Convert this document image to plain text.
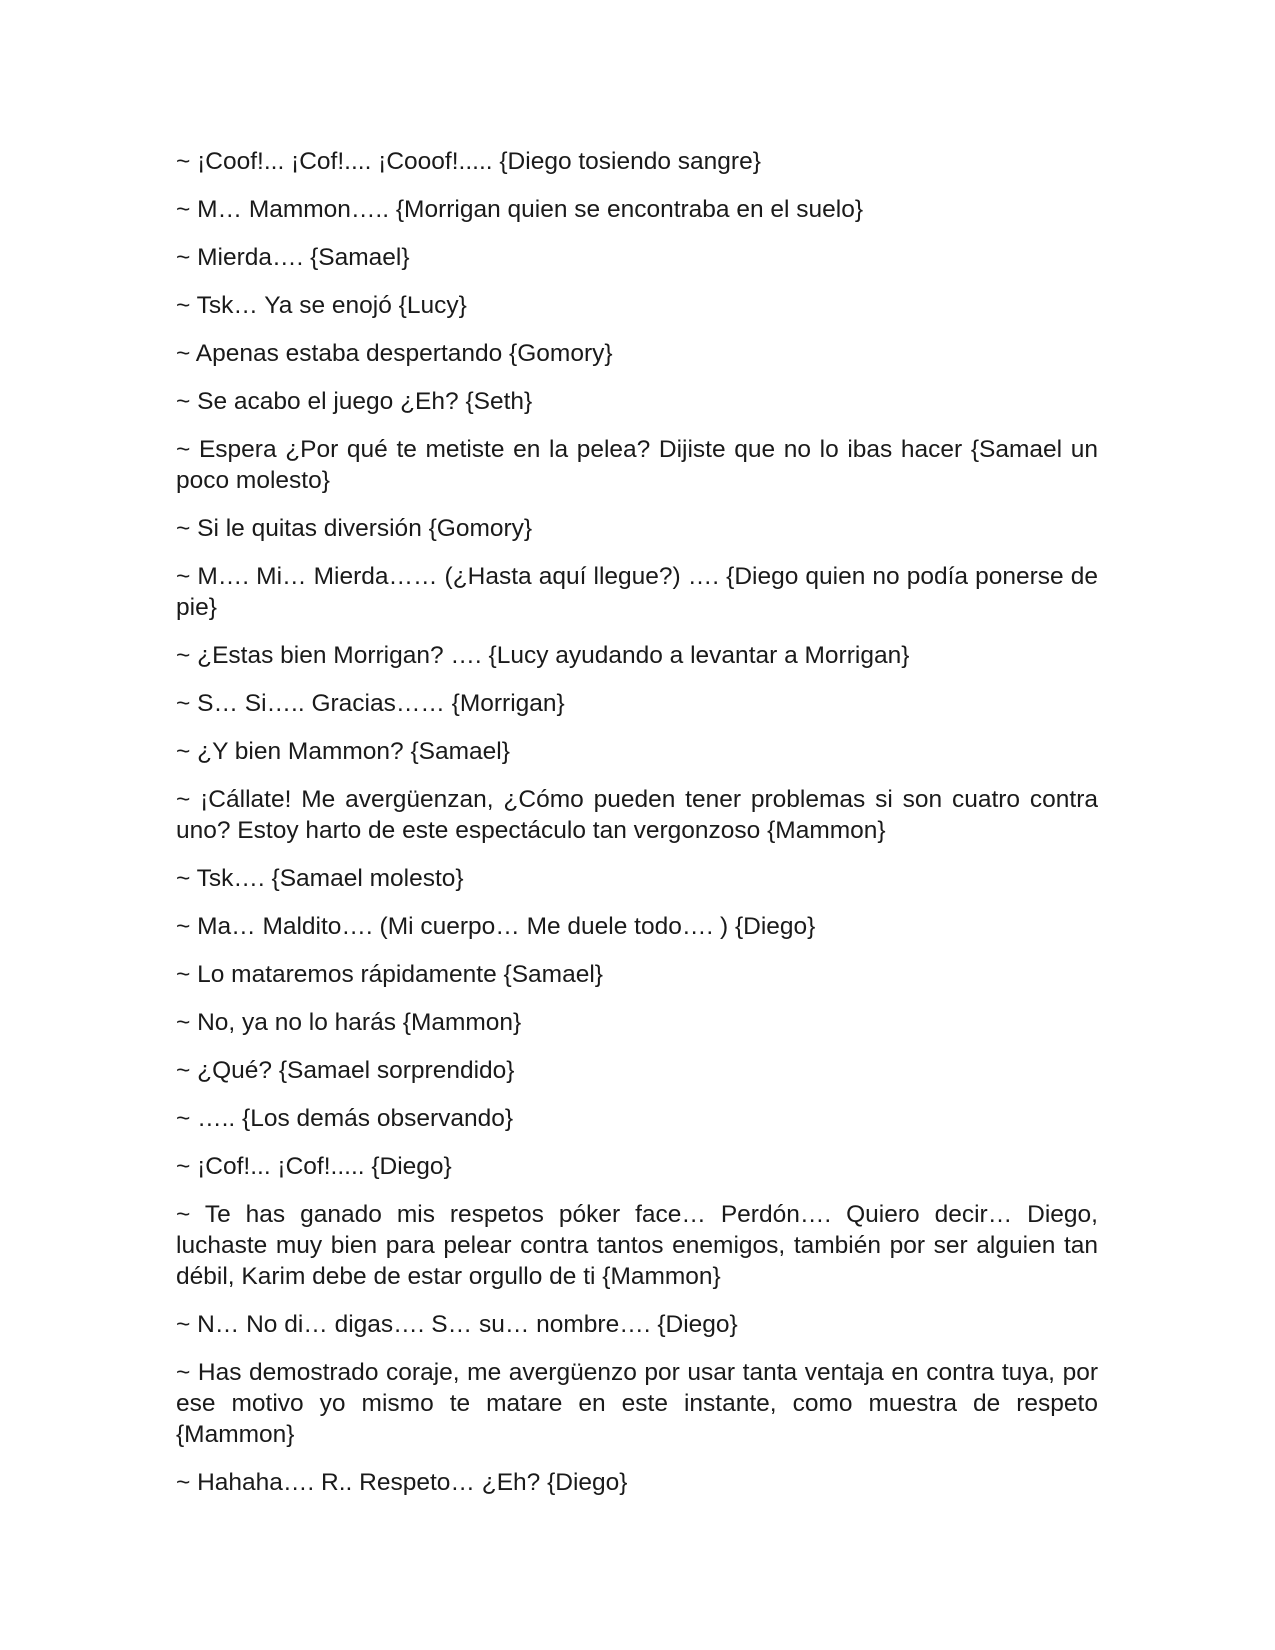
~ ¡Coof!... ¡Cof!.... ¡Cooof!..... {Diego tosiendo sangre}

~ M… Mammon….. {Morrigan quien se encontraba en el suelo}

~ Mierda…. {Samael}

~ Tsk… Ya se enojó {Lucy}

~ Apenas estaba despertando {Gomory}

~ Se acabo el juego ¿Eh? {Seth}

~ Espera ¿Por qué te metiste en la pelea? Dijiste que no lo ibas hacer {Samael un poco molesto}

~ Si le quitas diversión {Gomory}

~ M…. Mi… Mierda…… (¿Hasta aquí llegue?) …. {Diego quien no podía ponerse de pie}

~ ¿Estas bien Morrigan? …. {Lucy ayudando a levantar a Morrigan}

~ S… Si….. Gracias…… {Morrigan}

~ ¿Y bien Mammon? {Samael}

~ ¡Cállate! Me avergüenzan, ¿Cómo pueden tener problemas si son cuatro contra uno? Estoy harto de este espectáculo tan vergonzoso {Mammon}

~ Tsk…. {Samael molesto}

~ Ma… Maldito…. (Mi cuerpo… Me duele todo…. ) {Diego}

~ Lo mataremos rápidamente {Samael}

~ No, ya no lo harás {Mammon}

~ ¿Qué? {Samael sorprendido}

~ ….. {Los demás observando}

~ ¡Cof!... ¡Cof!..... {Diego}

~ Te has ganado mis respetos póker face… Perdón…. Quiero decir… Diego, luchaste muy bien para pelear contra tantos enemigos, también por ser alguien tan débil, Karim debe de estar orgullo de ti {Mammon}

~ N… No di… digas…. S… su… nombre…. {Diego}

~ Has demostrado coraje, me avergüenzo por usar tanta ventaja en contra tuya, por ese motivo yo mismo te matare en este instante, como muestra de respeto {Mammon}

~ Hahaha…. R.. Respeto… ¿Eh? {Diego}
